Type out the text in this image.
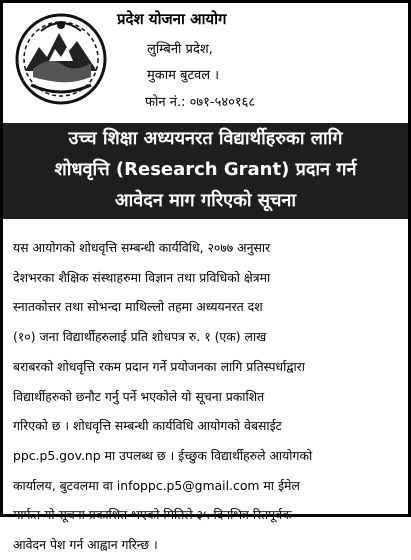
प्रदेश योजना आयोग
लुम्बिनी प्रदेश,
मुकाम बुटवल ।
फोन नं.: ०७१-५४०१६८
उच्च शिक्षा अध्ययनरत विद्यार्थीहरुका लागि
शोधवृत्ति (Research Grant) प्रदान गर्न
आवेदन माग गरिएको सूचना
यस आयोगको शोधवृत्ति सम्बन्धी कार्यविधि, २०७७ अनुसार
देशभरका शैक्षिक संस्थाहरुमा विज्ञान तथा प्रविधिको क्षेत्रमा
स्नातकोत्तर तथा सोभन्दा माथिल्लो तहमा अध्ययनरत दश
(१०) जना विद्यार्थीहरुलाई प्रति शोधपत्र रु. १ (एक) लाख
बराबरको शोधवृत्ति रकम प्रदान गर्ने प्रयोजनका लागि प्रतिस्पर्धाद्वारा
विद्यार्थीहरुको छनौट गर्नु पर्ने भएकोले यो सूचना प्रकाशित
गरिएको छ । शोधवृत्ति सम्बन्धी कार्यविधि आयोगको वेबसाईट
ppc.p5.gov.np मा उपलब्ध छ । ईच्छुक विद्यार्थीहरुले आयोगको
कार्यालय, बुटवलमा वा infoppc.p5@gmail.com मा ईमेल
मार्फत यो सूचना प्रकाशित भएको मितिले ३५ दिनभित्र रितपूर्वक
आवेदन पेश गर्न आह्वान गरिन्छ ।
